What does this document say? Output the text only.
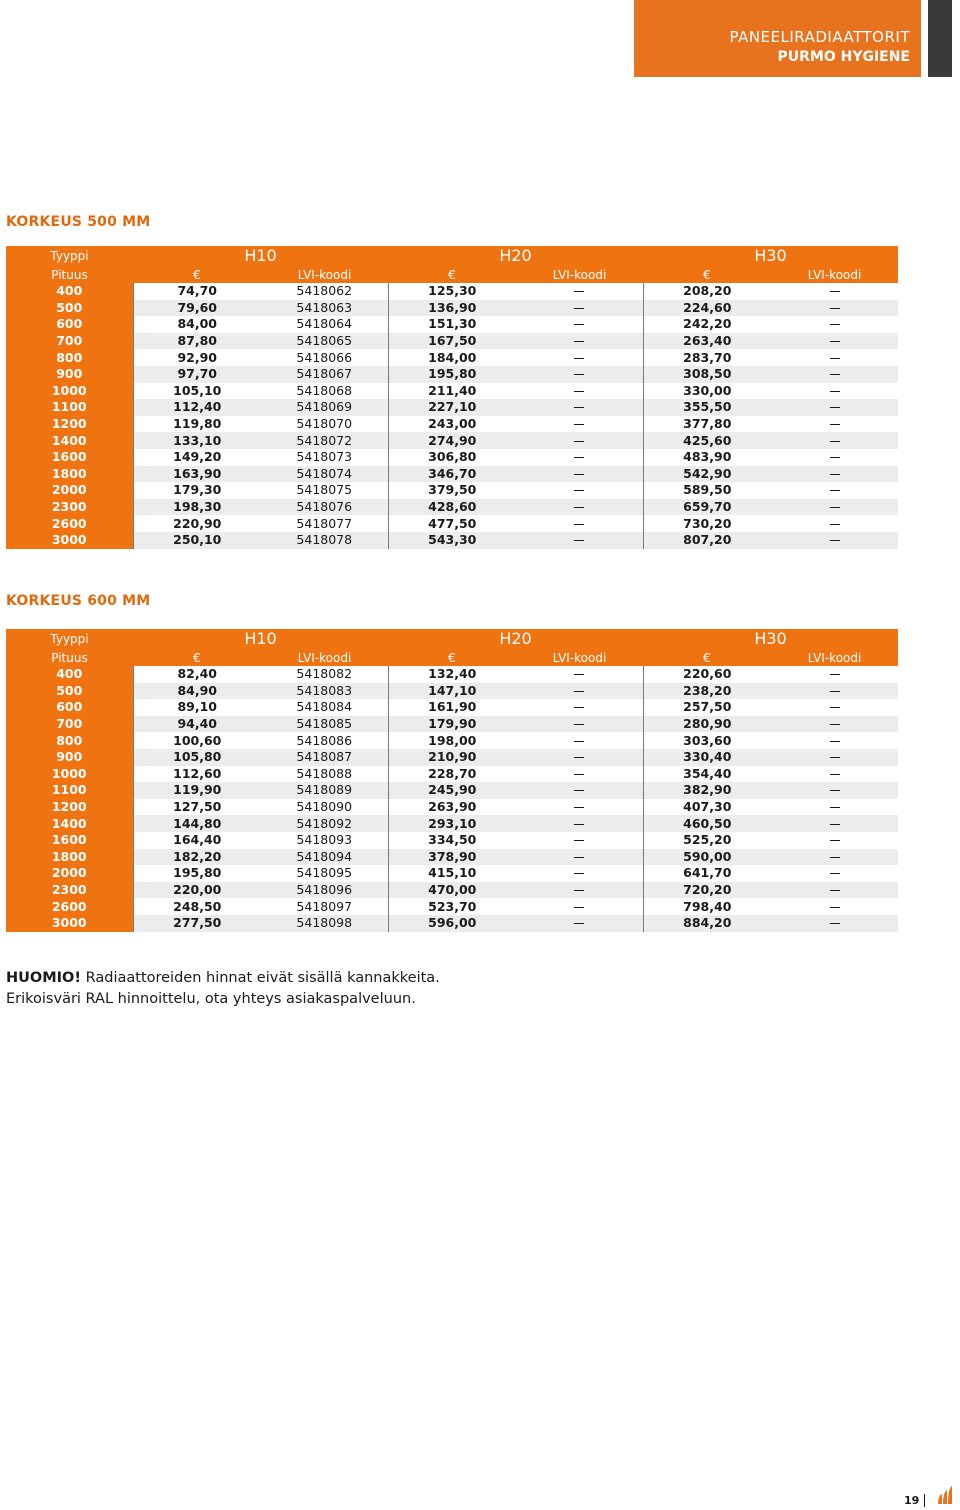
PANEELIRADIAATTORIT
PURMO HYGIENE
KORKEUS 500 MM
Tyyppi	H10		H20		H30	
Pituus	€	LVI-koodi	€	LVI-koodi	€	LVI-koodi
400	74,70	5418062	125,30		208,20	
500	79,60	5418063	136,90		224,60	
600	84,00	5418064	151,30		242,20	
700	87,80	5418065	167,50		263,40	
800	92,90	5418066	184,00		283,70	
900	97,70	5418067	195,80		308,50	
1000	105,10	5418068	211,40		330,00	
1100	112,40	5418069	227,10		355,50	
1200	119,80	5418070	243,00		377,80	
1400	133,10	5418072	274,90		425,60	
1600	149,20	5418073	306,80		483,90	
1800	163,90	5418074	346,70		542,90	
2000	179,30	5418075	379,50		589,50	
2300	198,30	5418076	428,60		659,70	
2600	220,90	5418077	477,50		730,20	
3000	250,10	5418078	543,30		807,20	
KORKEUS 600 MM
Tyyppi	H10		H20		H30	
Pituus	€	LVI-koodi	€	LVI-koodi	€	LVI-koodi
400	82,40	5418082	132,40		220,60	
500	84,90	5418083	147,10		238,20	
600	89,10	5418084	161,90		257,50	
700	94,40	5418085	179,90		280,90	
800	100,60	5418086	198,00		303,60	
900	105,80	5418087	210,90		330,40	
1000	112,60	5418088	228,70		354,40	
1100	119,90	5418089	245,90		382,90	
1200	127,50	5418090	263,90		407,30	
1400	144,80	5418092	293,10		460,50	
1600	164,40	5418093	334,50		525,20	
1800	182,20	5418094	378,90		590,00	
2000	195,80	5418095	415,10		641,70	
2300	220,00	5418096	470,00		720,20	
2600	248,50	5418097	523,70		798,40	
3000	277,50	5418098	596,00		884,20	
HUOMIO! Radiaattoreiden hinnat eivät sisällä kannakkeita.
Erikoisväri RAL hinnoittelu, ota yhteys asiakaspalveluun.
19
